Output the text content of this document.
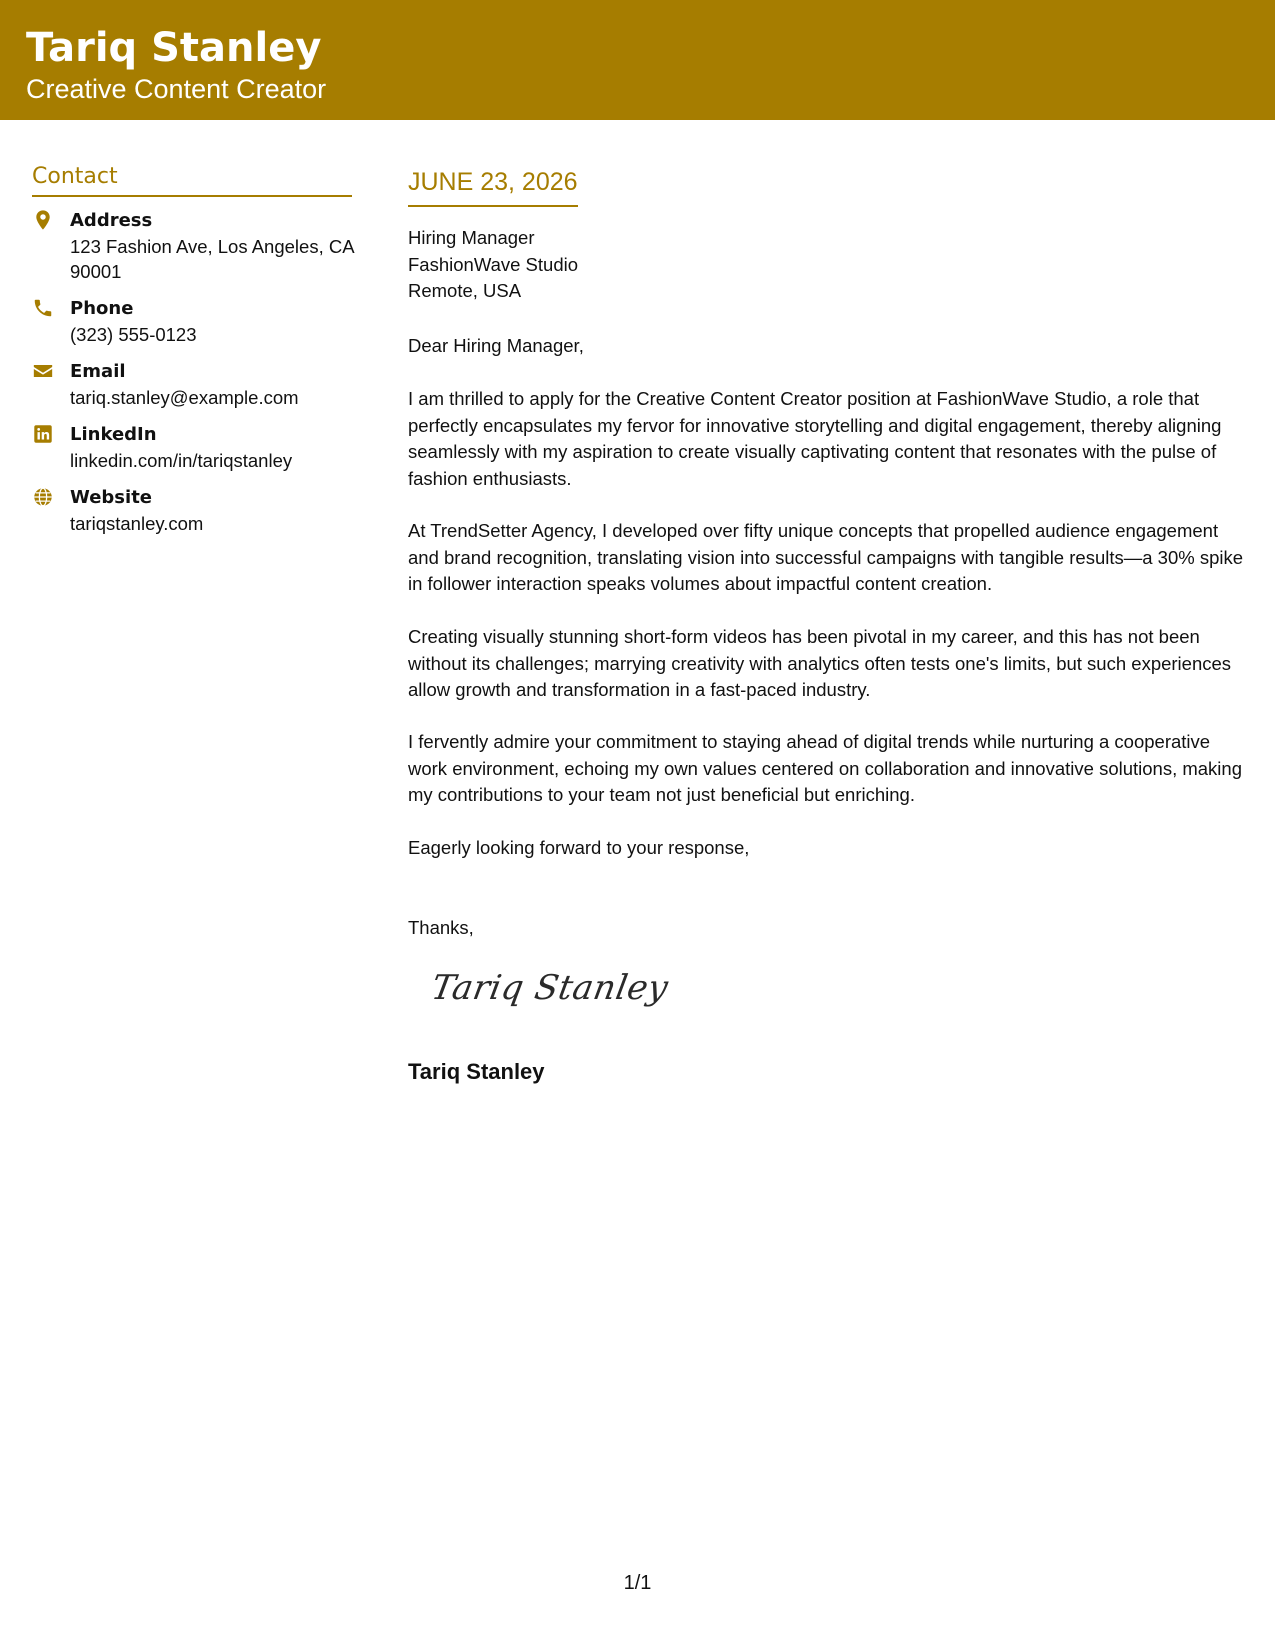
Tariq Stanley
Creative Content Creator
Contact
Address
123 Fashion Ave, Los Angeles, CA 90001
Phone
(323) 555-0123
Email
tariq.stanley@example.com
LinkedIn
linkedin.com/in/tariqstanley
Website
tariqstanley.com
JUNE 23, 2026
Hiring Manager
FashionWave Studio
Remote, USA
Dear Hiring Manager,
I am thrilled to apply for the Creative Content Creator position at FashionWave Studio, a role that perfectly encapsulates my fervor for innovative storytelling and digital engagement, thereby aligning seamlessly with my aspiration to create visually captivating content that resonates with the pulse of fashion enthusiasts.
At TrendSetter Agency, I developed over fifty unique concepts that propelled audience engagement and brand recognition, translating vision into successful campaigns with tangible results—a 30% spike in follower interaction speaks volumes about impactful content creation.
Creating visually stunning short-form videos has been pivotal in my career, and this has not been without its challenges; marrying creativity with analytics often tests one's limits, but such experiences allow growth and transformation in a fast-paced industry.
I fervently admire your commitment to staying ahead of digital trends while nurturing a cooperative work environment, echoing my own values centered on collaboration and innovative solutions, making my contributions to your team not just beneficial but enriching.
Eagerly looking forward to your response,
Thanks,
Tariq Stanley
Tariq Stanley
1/1
